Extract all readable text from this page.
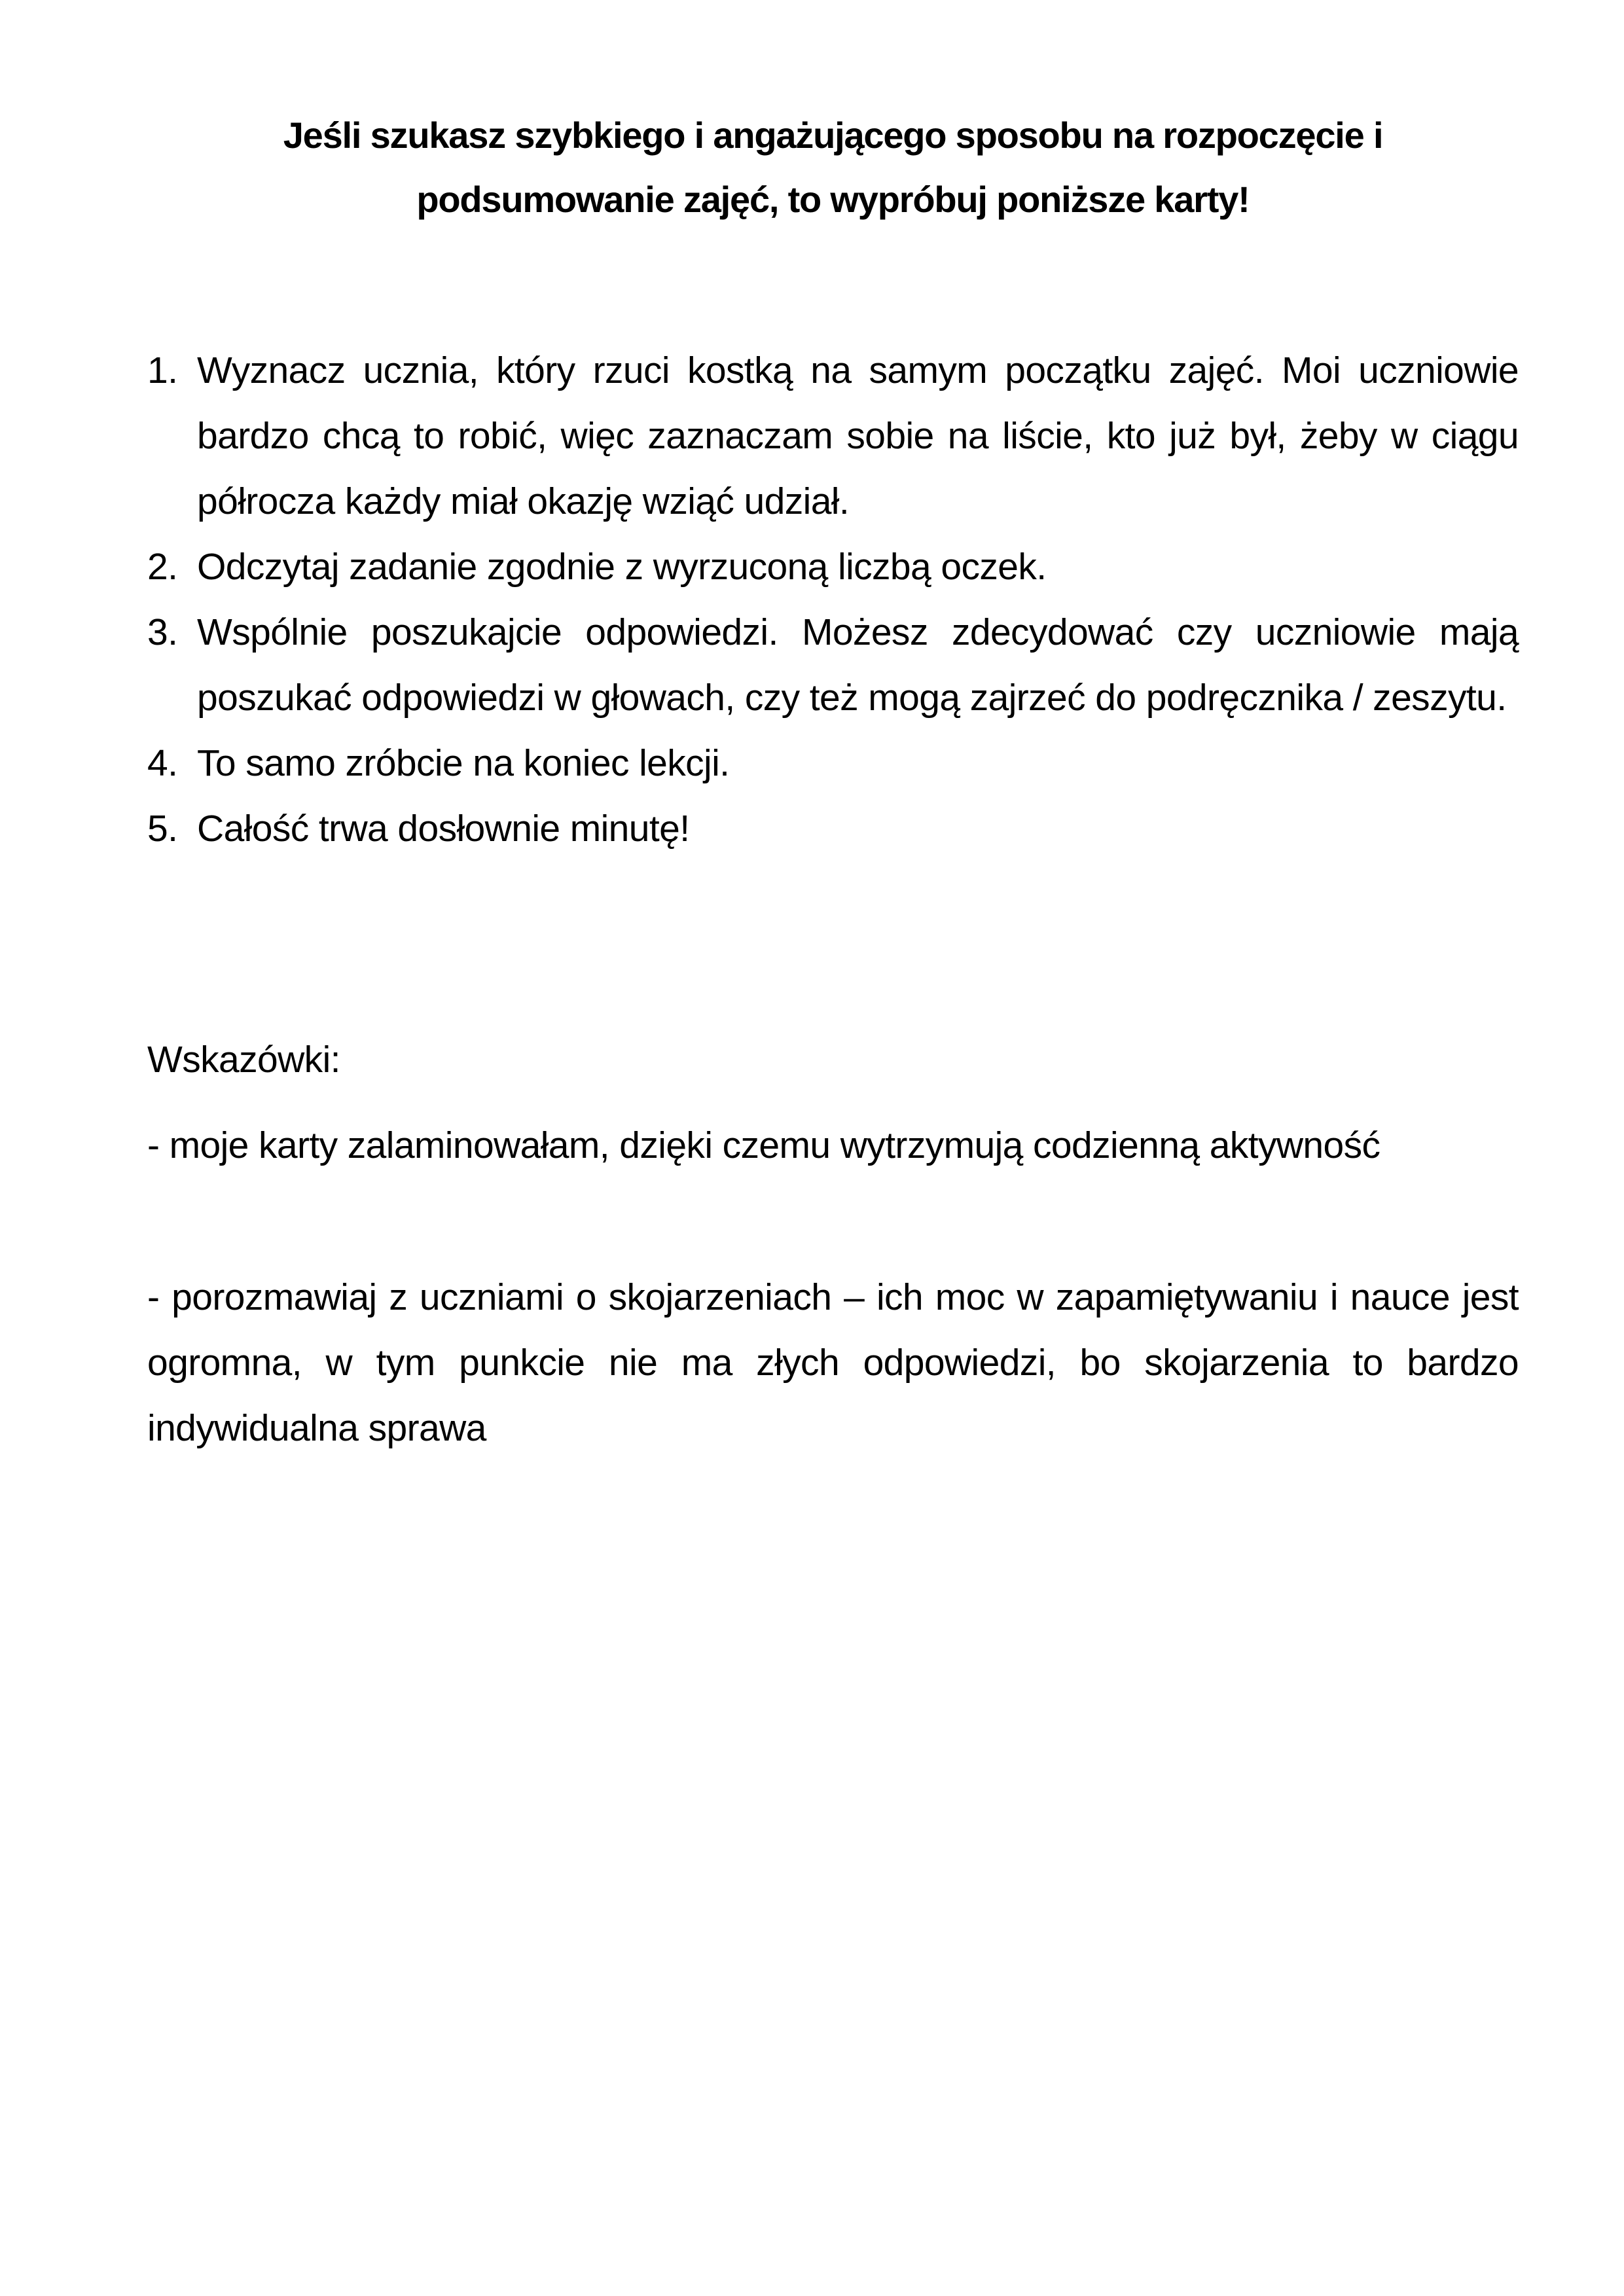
Jeśli szukasz szybkiego i angażującego sposobu na rozpoczęcie i
podsumowanie zajęć, to wypróbuj poniższe karty!
1. Wyznacz ucznia, który rzuci kostką na samym początku zajęć. Moi uczniowie bardzo chcą to robić, więc zaznaczam sobie na liście, kto już był, żeby w ciągu półrocza każdy miał okazję wziąć udział.
2. Odczytaj zadanie zgodnie z wyrzuconą liczbą oczek.
3. Wspólnie poszukajcie odpowiedzi. Możesz zdecydować czy uczniowie mają poszukać odpowiedzi w głowach, czy też mogą zajrzeć do podręcznika / zeszytu.
4. To samo zróbcie na koniec lekcji.
5. Całość trwa dosłownie minutę!
Wskazówki:

- moje karty zalaminowałam, dzięki czemu wytrzymują codzienną aktywność

- porozmawiaj z uczniami o skojarzeniach – ich moc w zapamiętywaniu i nauce jest ogromna, w tym punkcie nie ma złych odpowiedzi, bo skojarzenia to bardzo indywidualna sprawa
